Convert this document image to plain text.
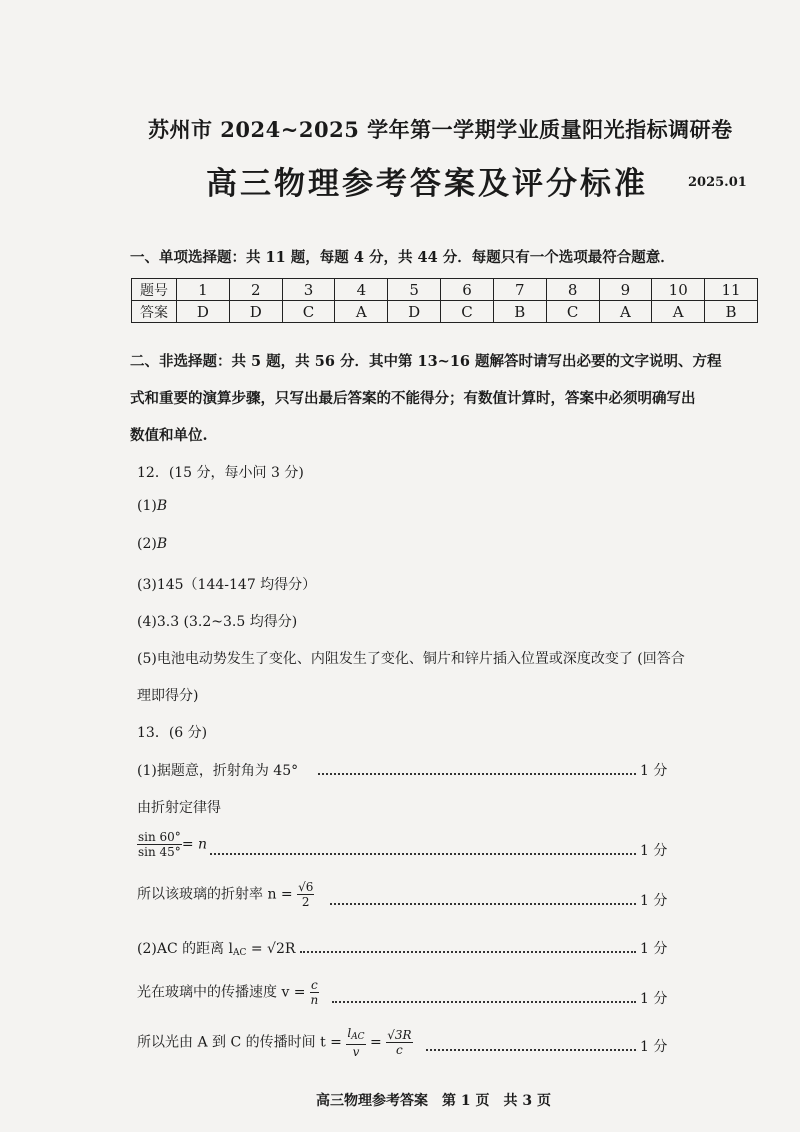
苏州市 2024~2025 学年第一学期学业质量阳光指标调研卷
高三物理参考答案及评分标准	2025.01
一、单项选择题：共 11 题，每题 4 分，共 44 分．每题只有一个选项最符合题意．
题号	1	2	3	4	5	6	7	8	9	10	11
答案	D	D	C	A	D	C	B	C	A	A	B
二、非选择题：共 5 题，共 56 分．其中第 13~16 题解答时请写出必要的文字说明、方程
式和重要的演算步骤，只写出最后答案的不能得分；有数值计算时，答案中必须明确写出
数值和单位.
12．(15 分，每小问 3 分)
(1)B
(2)B
(3)145（144-147 均得分）
(4)3.3 (3.2~3.5 均得分)
(5)电池电动势发生了变化、内阻发生了变化、铜片和锌片插入位置或深度改变了 (回答合
理即得分)
13．(6 分)
(1)据题意，折射角为 45°	1 分
由折射定律得
$\frac{\sin 60^\circ}{\sin 45^\circ} = n$	1 分
所以该玻璃的折射率 $n = \frac{√6}{2}$	1 分
(2)AC 的距离 $l_{AC} = √2R$	1 分
光在玻璃中的传播速度 $v = \frac{c}{n}$	1 分
所以光由 A 到 C 的传播时间 $t = \frac{l_{AC}}{v} = \frac{√3R}{c}$	1 分
高三物理参考答案　第 1 页　共 3 页
